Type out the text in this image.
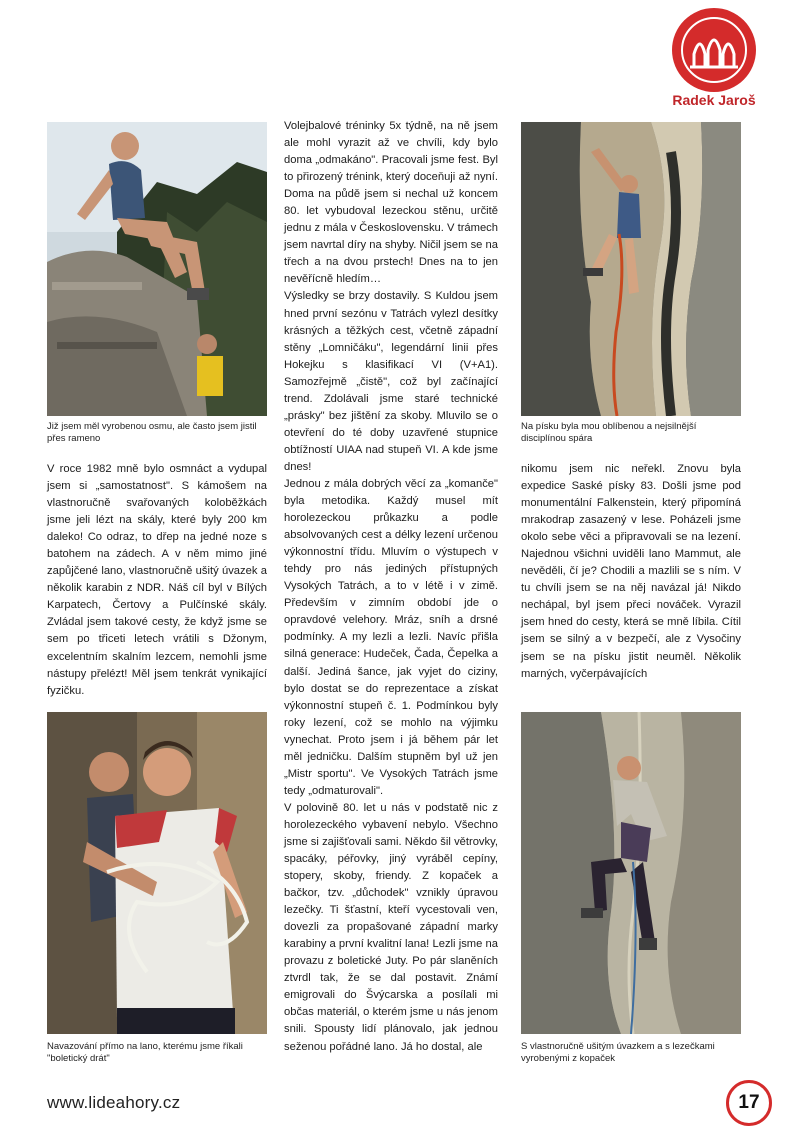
Radek Jaroš
Již jsem měl vyrobenou osmu, ale často jsem jistil přes rameno
Na písku byla mou oblíbenou a nejsilnější disciplínou spára
Navazování přímo na lano, kterému jsme říkali "boletický drát"
S vlastnoručně ušitým úvazkem a s lezečkami vyrobenými z kopaček

V roce 1982 mně bylo osmnáct a vydupal jsem si „samostatnost". S kámošem na vlastnoručně svařovaných koloběžkách jsme jeli lézt na skály, které byly 200 km daleko! Co odraz, to dřep na jedné noze s batohem na zádech. A v něm mimo jiné zapůjčené lano, vlastnoručně ušitý úvazek a několik karabin z NDR. Náš cíl byl v Bílých Karpatech, Čertovy a Pulčínské skály. Zvládal jsem takové cesty, že když jsme se sem po třiceti letech vrátili s Džonym, excelentním skalním lezcem, nemohli jsme nástupy přelézt! Měl jsem tenkrát vynikající fyzičku.

Volejbalové tréninky 5x týdně, na ně jsem ale mohl vyrazit až ve chvíli, kdy bylo doma „odmakáno". Pracovali jsme fest. Byl to přirozený trénink, který doceňuji až nyní. Doma na půdě jsem si nechal už koncem 80. let vybudoval lezeckou stěnu, určitě jednu z mála v Československu. V trámech jsem navrtal díry na shyby. Ničil jsem se na třech a na dvou prstech! Dnes na to jen nevěřícně hledím…

Výsledky se brzy dostavily. S Kuldou jsem hned první sezónu v Tatrách vylezl desítky krásných a těžkých cest, včetně západní stěny „Lomničáku", legendární linii přes Hokejku s klasifikací VI (V+A1). Samozřejmě „čistě", což byl začínající trend. Zdolávali jsme staré technické „prásky" bez jištění za skoby. Mluvilo se o otevření do té doby uzavřené stupnice obtížností UIAA nad stupeň VI. A kde jsme dnes!

Jednou z mála dobrých věcí za „komanče" byla metodika. Každý musel mít horolezeckou průkazku a podle absolvovaných cest a délky lezení určenou výkonnostní třídu. Mluvím o výstupech v tehdy pro nás jediných přístupných Vysokých Tatrách, a to v létě i v zimě. Především v zimním období jde o opravdové velehory. Mráz, sníh a drsné podmínky. A my lezli a lezli. Navíc přišla silná generace: Hudeček, Čada, Čepelka a další. Jediná šance, jak vyjet do ciziny, bylo dostat se do reprezentace a získat výkonnostní stupeň č. 1. Podmínkou byly roky lezení, což se mohlo na výjimku vynechat. Proto jsem i já během pár let měl jedničku. Dalším stupněm byl už jen „Mistr sportu". Ve Vysokých Tatrách jsme tedy „odmaturovali".

V polovině 80. let u nás v podstatě nic z horolezeckého vybavení nebylo. Všechno jsme si zajišťovali sami. Někdo šil větrovky, spacáky, péřovky, jiný vyráběl cepíny, stopery, skoby, friendy. Z kopaček a bačkor, tzv. „důchodek" vznikly úpravou lezečky. Ti šťastní, kteří vycestovali ven, dovezli za propašované západní marky karabiny a první kvalitní lana! Lezli jsme na provazu z boletické Juty. Po pár slaněních ztvrdl tak, že se dal postavit. Známí emigrovali do Švýcarska a posílali mi občas materiál, o kterém jsme u nás jenom snili. Spousty lidí plánovalo, jak jednou seženou pořádné lano. Já ho dostal, ale

nikomu jsem nic neřekl. Znovu byla expedice Saské písky 83. Došli jsme pod monumentální Falkenstein, který připomíná mrakodrap zasazený v lese. Poházeli jsme okolo sebe věci a připravovali se na lezení. Najednou všichni uviděli lano Mammut, ale nevěděli, čí je? Chodili a mazlili se s ním. V tu chvíli jsem se na něj navázal já! Nikdo nechápal, byl jsem přeci nováček. Vyrazil jsem hned do cesty, která se mně líbila. Cítil jsem se silný a v bezpečí, ale z Vysočiny jsem se na písku jistit neuměl. Několik marných, vyčerpávajících

www.lideahory.cz	17
